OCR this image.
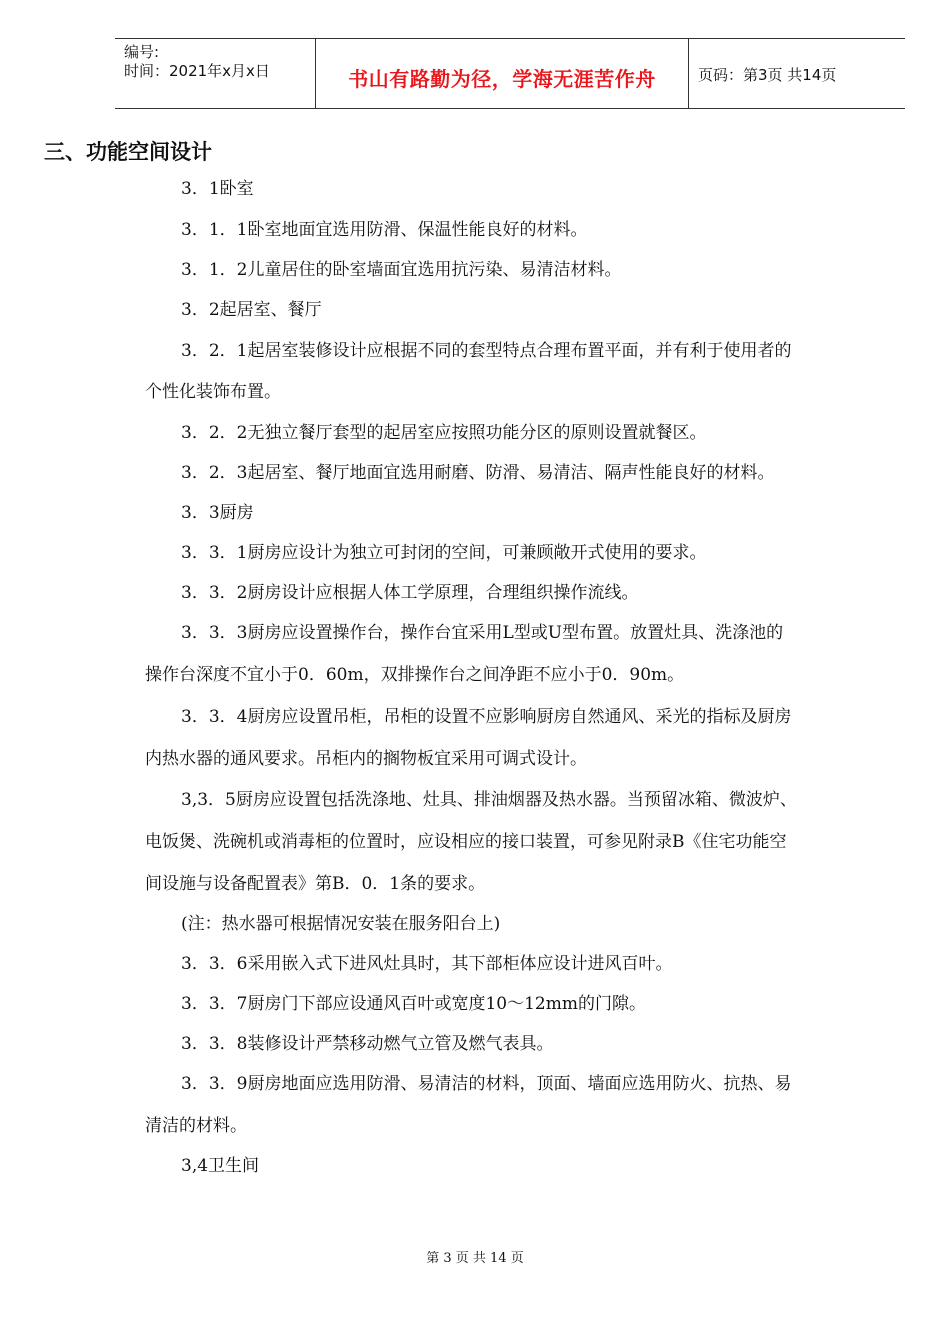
编号:
时间：2021年x月x日	书山有路勤为径，学海无涯苦作舟	页码：第3页 共14页
三、功能空间设计
3．1卧室
3．1．1卧室地面宜选用防滑、保温性能良好的材料。
3．1．2儿童居住的卧室墙面宜选用抗污染、易清洁材料。
3．2起居室、餐厅
3．2．1起居室装修设计应根据不同的套型特点合理布置平面，并有利于使用者的
个性化装饰布置。
3．2．2无独立餐厅套型的起居室应按照功能分区的原则设置就餐区。
3．2．3起居室、餐厅地面宜选用耐磨、防滑、易清洁、隔声性能良好的材料。
3．3厨房
3．3．1厨房应设计为独立可封闭的空间，可兼顾敞开式使用的要求。
3．3．2厨房设计应根据人体工学原理，合理组织操作流线。
3．3．3厨房应设置操作台，操作台宜采用L型或U型布置。放置灶具、洗涤池的
操作台深度不宜小于0．60m，双排操作台之间净距不应小于0．90m。
3．3．4厨房应设置吊柜，吊柜的设置不应影响厨房自然通风、采光的指标及厨房
内热水器的通风要求。吊柜内的搁物板宜采用可调式设计。
3,3．5厨房应设置包括洗涤地、灶具、排油烟器及热水器。当预留冰箱、微波炉、
电饭煲、洗碗机或消毒柜的位置时，应设相应的接口装置，可参见附录B《住宅功能空
间设施与设备配置表》第B．0．1条的要求。
(注：热水器可根据情况安装在服务阳台上)
3．3．6采用嵌入式下进风灶具时，其下部柜体应设计进风百叶。
3．3．7厨房门下部应设通风百叶或宽度10～12mm的门隙。
3．3．8装修设计严禁移动燃气立管及燃气表具。
3．3．9厨房地面应选用防滑、易清洁的材料，顶面、墙面应选用防火、抗热、易
清洁的材料。
3,4卫生间
第 3 页 共 14 页
